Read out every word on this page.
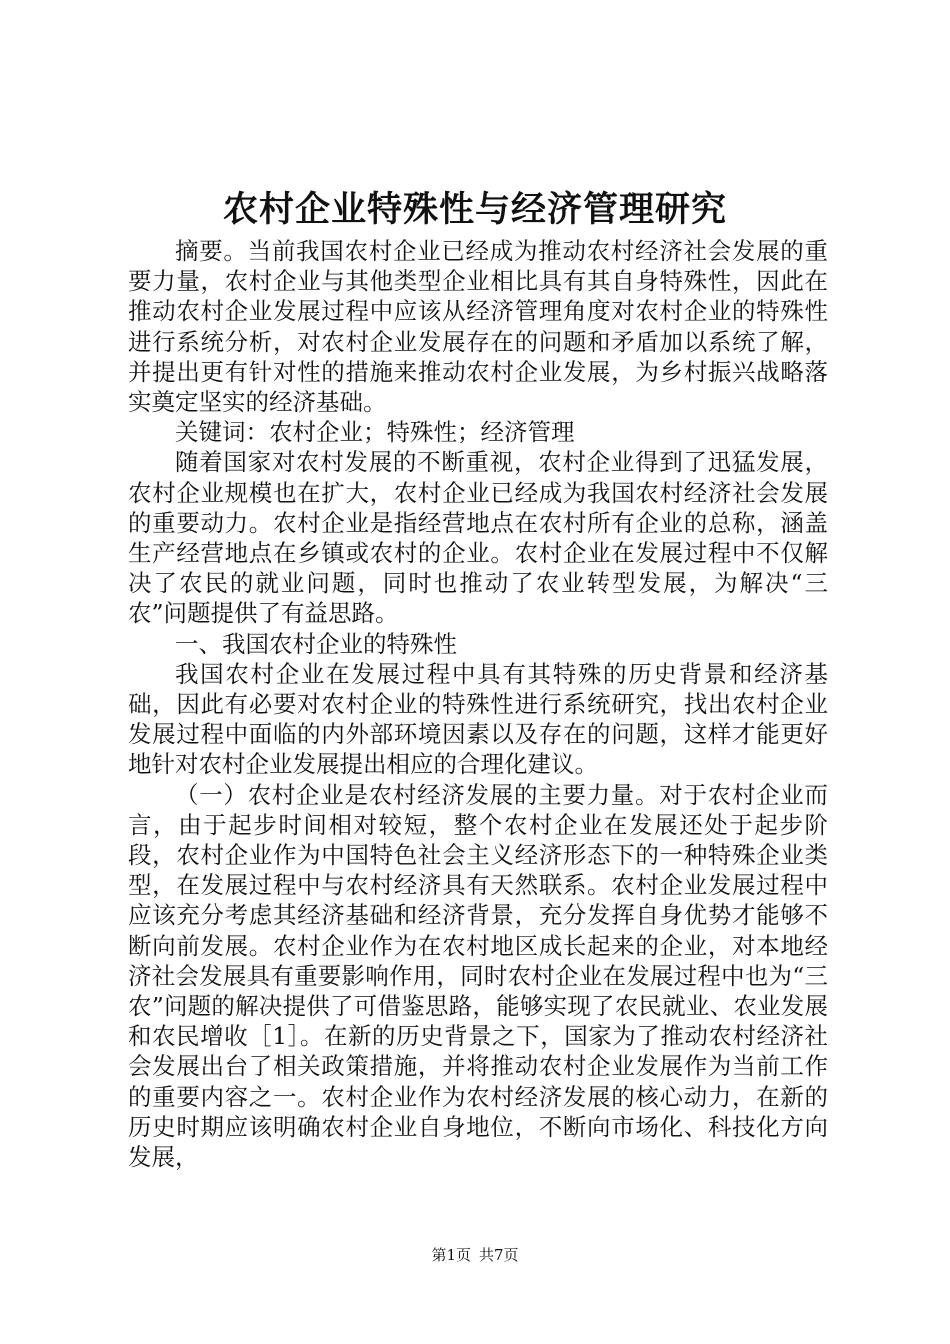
农村企业特殊性与经济管理研究

摘要。当前我国农村企业已经成为推动农村经济社会发展的重要力量，农村企业与其他类型企业相比具有其自身特殊性，因此在推动农村企业发展过程中应该从经济管理角度对农村企业的特殊性进行系统分析，对农村企业发展存在的问题和矛盾加以系统了解，并提出更有针对性的措施来推动农村企业发展，为乡村振兴战略落实奠定坚实的经济基础。

关键词：农村企业；特殊性；经济管理

随着国家对农村发展的不断重视，农村企业得到了迅猛发展，农村企业规模也在扩大，农村企业已经成为我国农村经济社会发展的重要动力。农村企业是指经营地点在农村所有企业的总称，涵盖生产经营地点在乡镇或农村的企业。农村企业在发展过程中不仅解决了农民的就业问题，同时也推动了农业转型发展，为解决“三农”问题提供了有益思路。

一、我国农村企业的特殊性

我国农村企业在发展过程中具有其特殊的历史背景和经济基础，因此有必要对农村企业的特殊性进行系统研究，找出农村企业发展过程中面临的内外部环境因素以及存在的问题，这样才能更好地针对农村企业发展提出相应的合理化建议。

（一）农村企业是农村经济发展的主要力量。对于农村企业而言，由于起步时间相对较短，整个农村企业在发展还处于起步阶段，农村企业作为中国特色社会主义经济形态下的一种特殊企业类型，在发展过程中与农村经济具有天然联系。农村企业发展过程中应该充分考虑其经济基础和经济背景，充分发挥自身优势才能够不断向前发展。农村企业作为在农村地区成长起来的企业，对本地经济社会发展具有重要影响作用，同时农村企业在发展过程中也为“三农”问题的解决提供了可借鉴思路，能够实现了农民就业、农业发展和农民增收［1］。在新的历史背景之下，国家为了推动农村经济社会发展出台了相关政策措施，并将推动农村企业发展作为当前工作的重要内容之一。农村企业作为农村经济发展的核心动力，在新的历史时期应该明确农村企业自身地位，不断向市场化、科技化方向发展，

第1页 共7页
